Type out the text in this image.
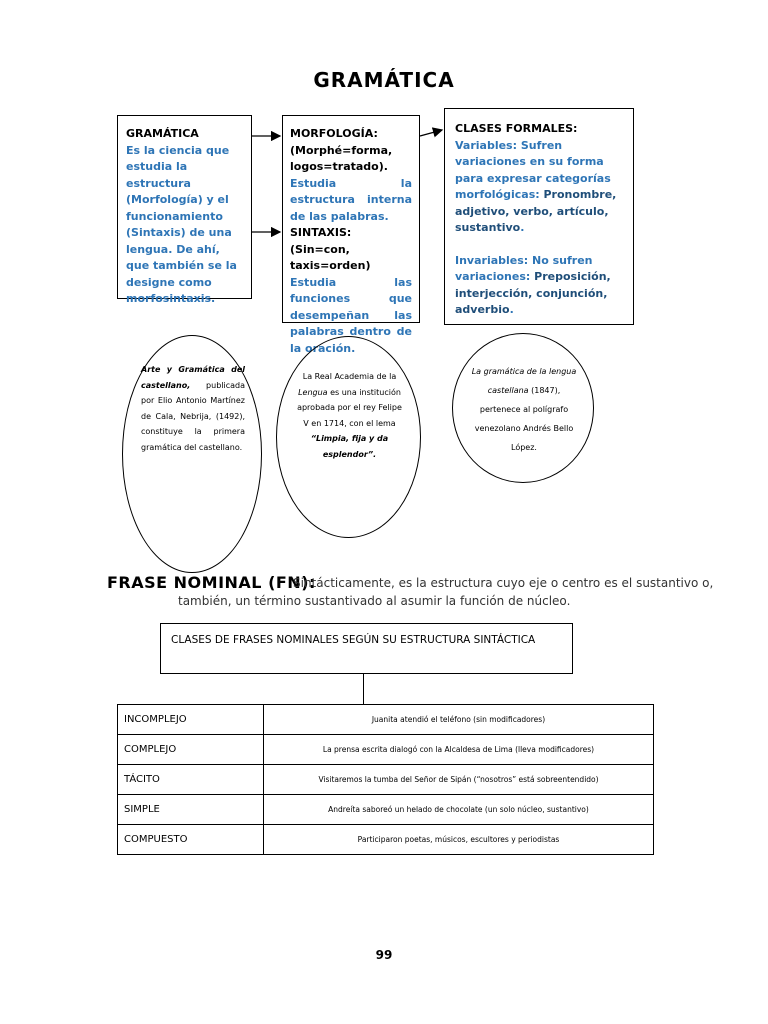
GRAMÁTICA
GRAMÁTICA
Es la ciencia que estudia la estructura (Morfología) y el funcionamiento (Sintaxis) de una lengua. De ahí, que también se la designe como morfosintaxis.
MORFOLOGÍA:
(Morphé=forma, logos=tratado).
Estudia la estructura interna de las palabras.
SINTAXIS: (Sin=con, taxis=orden)
Estudia las funciones que desempeñan las palabras dentro de la oración.
CLASES FORMALES:
Variables: Sufren variaciones en su forma para expresar categorías morfológicas: Pronombre, adjetivo, verbo, artículo, sustantivo.
Invariables: No sufren variaciones: Preposición, interjección, conjunción, adverbio.
Arte y Gramática del castellano, publicada por Elio Antonio Martínez de Cala, Nebrija, (1492), constituye la primera gramática del castellano.
La Real Academia de la Lengua es una institución aprobada por el rey Felipe V en 1714, con el lema “Limpia, fija y da esplendor”.
La gramática de la lengua castellana (1847), pertenece al polígrafo venezolano Andrés Bello López.
FRASE NOMINAL (FN):
Sintácticamente, es la estructura cuyo eje o centro es el sustantivo o,
también, un término sustantivado al asumir la función de núcleo.
CLASES DE FRASES NOMINALES SEGÚN SU ESTRUCTURA SINTÁCTICA
INCOMPLEJO	Juanita atendió el teléfono (sin modificadores)
COMPLEJO	La prensa escrita dialogó con la Alcaldesa de Lima (lleva modificadores)
TÁCITO	Visitaremos la tumba del Señor de Sipán (“nosotros” está sobreentendido)
SIMPLE	Andreíta saboreó un helado de chocolate (un solo núcleo, sustantivo)
COMPUESTO	Participaron poetas, músicos, escultores y periodistas
99
